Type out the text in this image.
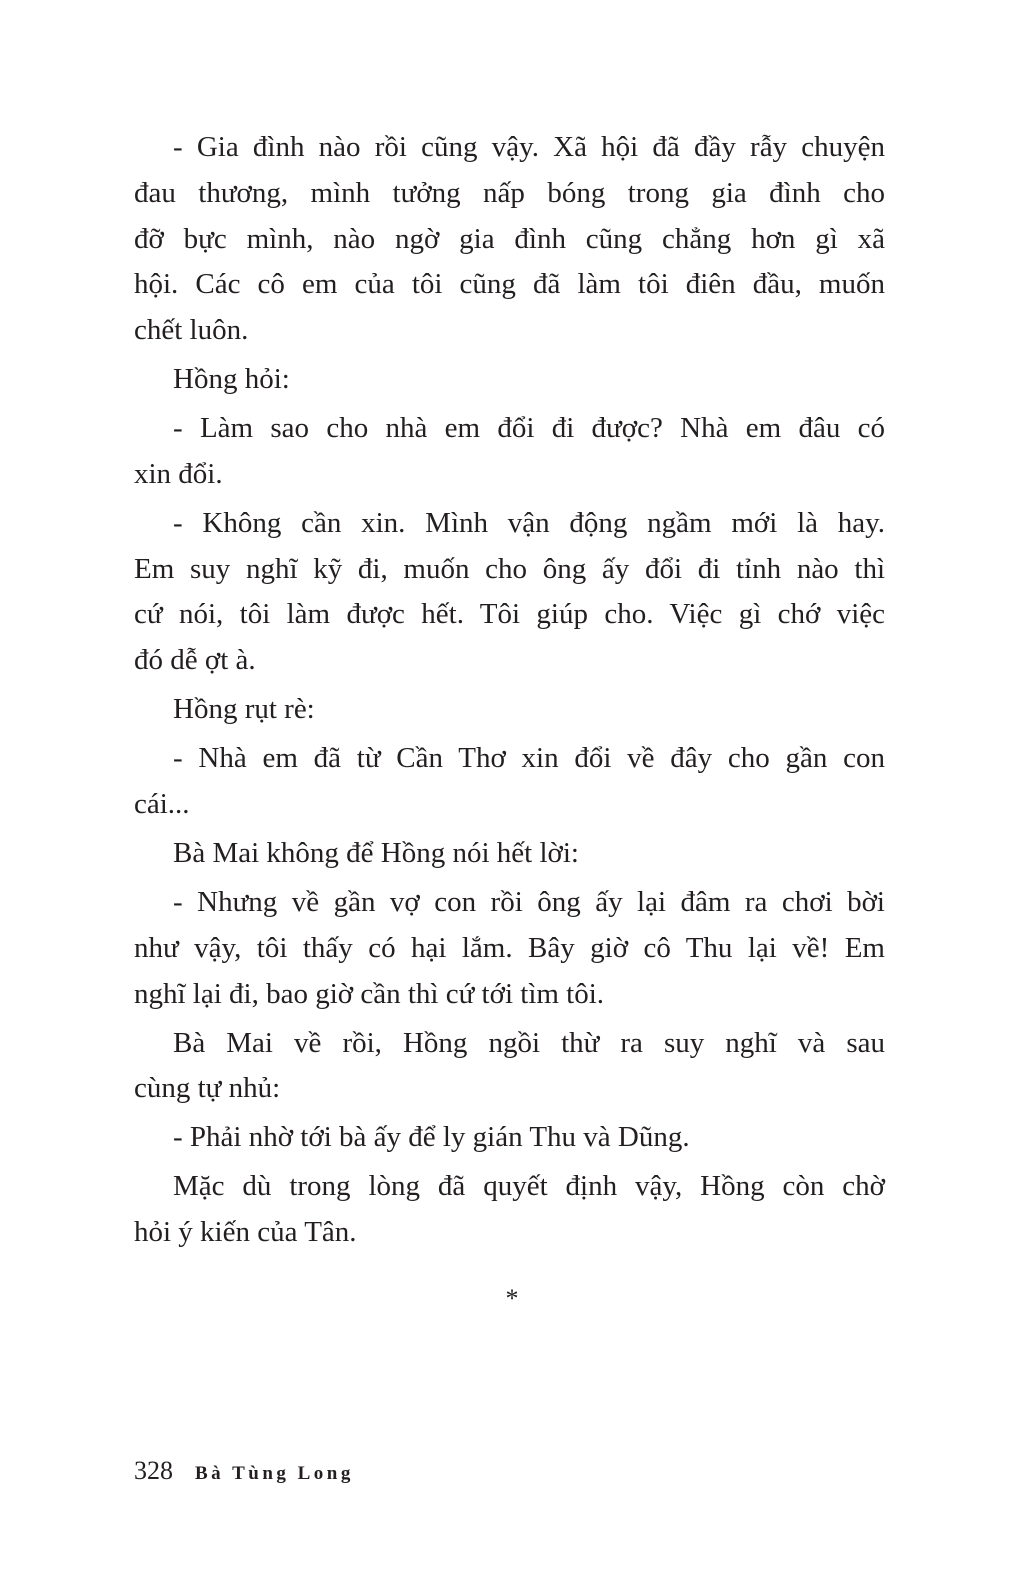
- Gia đình nào rồi cũng vậy. Xã hội đã đầy rẫy chuyện
đau thương, mình tưởng nấp bóng trong gia đình cho
đỡ bực mình, nào ngờ gia đình cũng chẳng hơn gì xã
hội. Các cô em của tôi cũng đã làm tôi điên đầu, muốn
chết luôn.
Hồng hỏi:
- Làm sao cho nhà em đổi đi được? Nhà em đâu có
xin đổi.
- Không cần xin. Mình vận động ngầm mới là hay.
Em suy nghĩ kỹ đi, muốn cho ông ấy đổi đi tỉnh nào thì
cứ nói, tôi làm được hết. Tôi giúp cho. Việc gì chớ việc
đó dễ ợt à.
Hồng rụt rè:
- Nhà em đã từ Cần Thơ xin đổi về đây cho gần con
cái...
Bà Mai không để Hồng nói hết lời:
- Nhưng về gần vợ con rồi ông ấy lại đâm ra chơi bời
như vậy, tôi thấy có hại lắm. Bây giờ cô Thu lại về! Em
nghĩ lại đi, bao giờ cần thì cứ tới tìm tôi.
Bà Mai về rồi, Hồng ngồi thừ ra suy nghĩ và sau
cùng tự nhủ:
- Phải nhờ tới bà ấy để ly gián Thu và Dũng.
Mặc dù trong lòng đã quyết định vậy, Hồng còn chờ
hỏi ý kiến của Tân.
*
328 Bà Tùng Long
